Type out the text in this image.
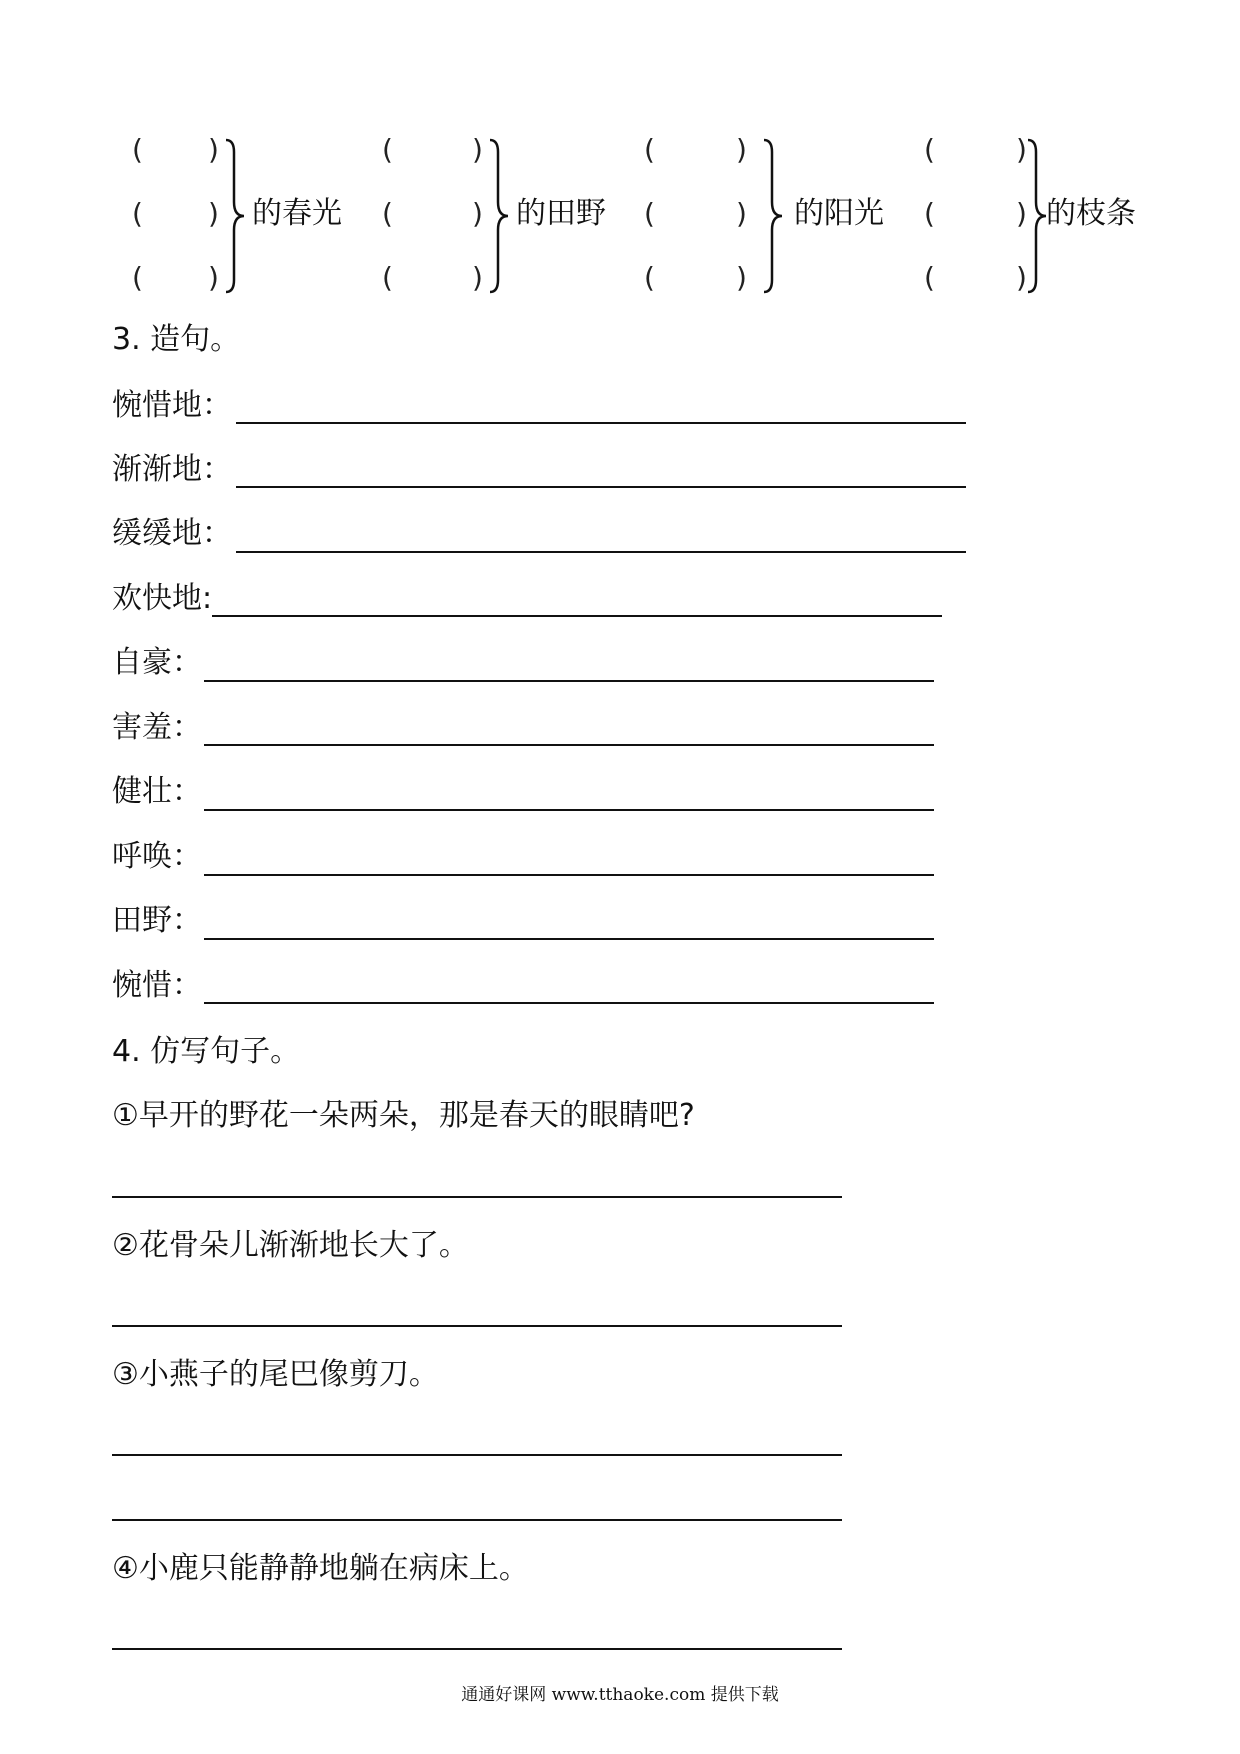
( )
( )
( )
的春光
(	)
(	)
(	)
的田野
(	)
(	)
(	)
的阳光
(	)
(	)
(	)
的枝条
3. 造句。
惋惜地：
渐渐地：
缓缓地：
欢快地:
自豪：
害羞：
健壮：
呼唤：
田野：
惋惜：
4. 仿写句子。
①早开的野花一朵两朵，那是春天的眼睛吧?
②花骨朵儿渐渐地长大了。
③小燕子的尾巴像剪刀。
④小鹿只能静静地躺在病床上。
通通好课网 www.tthaoke.com 提供下载
